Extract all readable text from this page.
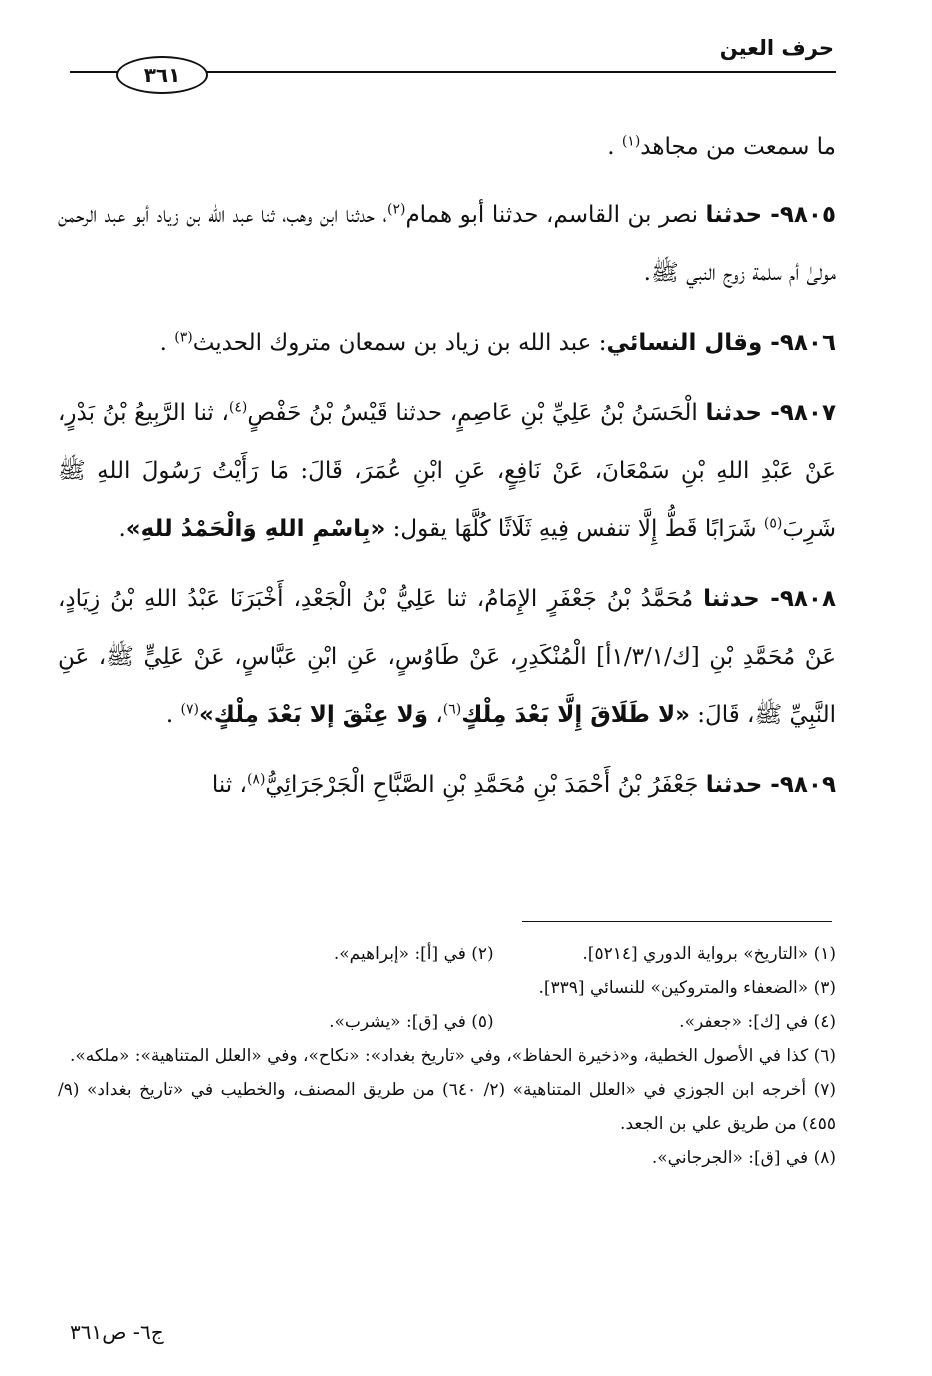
حرف العين
٣٦١

ما سمعت من مجاهد$^{(١)}$ .

٩٨٠٥- حدثنا نصر بن القاسم، حدثنا أبو همام$^{(٢)}$، حدثنا ابن وهب، ثنا عبد الله بن زياد أبو عبد الرحمن مولىٰ أم سلمة زوج النبي ﷺ.

٩٨٠٦- وقال النسائي: عبد الله بن زياد بن سمعان متروك الحديث$^{(٣)}$ .

٩٨٠٧- حدثنا الْحَسَنُ بْنُ عَلِيِّ بْنِ عَاصِمٍ، حدثنا قَيْسُ بْنُ حَفْصٍ$^{(٤)}$، ثنا الرَّبِيعُ بْنُ بَدْرٍ، عَنْ عَبْدِ اللهِ بْنِ سَمْعَانَ، عَنْ نَافِعٍ، عَنِ ابْنِ عُمَرَ، قَالَ: مَا رَأَيْتُ رَسُولَ اللهِ ﷺ شَرِبَ$^{(٥)}$ شَرَابًا قَطُّ إِلَّا تنفس فِيهِ ثَلَاثًا كُلَّهَا يقول: «بِاسْمِ اللهِ وَالْحَمْدُ للهِ».

٩٨٠٨- حدثنا مُحَمَّدُ بْنُ جَعْفَرٍ الإِمَامُ، ثنا عَلِيُّ بْنُ الْجَعْدِ، أَخْبَرَنَا عَبْدُ اللهِ بْنُ زِيَادٍ، عَنْ مُحَمَّدِ بْنِ [ك/١/٣/١أ] الْمُنْكَدِرِ، عَنْ طَاوُسٍ، عَنِ ابْنِ عَبَّاسٍ، عَنْ عَلِيٍّ ﷺ، عَنِ النَّبِيِّ ﷺ، قَالَ: «لا طَلَاقَ إِلَّا بَعْدَ مِلْكٍ$^{(٦)}$، وَلا عِتْقَ إلا بَعْدَ مِلْكٍ»$^{(٧)}$ .

٩٨٠٩- حدثنا جَعْفَرُ بْنُ أَحْمَدَ بْنِ مُحَمَّدِ بْنِ الصَّبَّاحِ الْجَرْجَرَائِيُّ$^{(٨)}$، ثنا

(١) «التاريخ» برواية الدوري [٥٢١٤].
(٢) في [أ]: «إبراهيم».

(٣) «الضعفاء والمتروكين» للنسائي [٣٣٩].

(٤) في [ك]: «جعفر».
(٥) في [ق]: «يشرب».

(٦) كذا في الأصول الخطية، و«ذخيرة الحفاظ»، وفي «تاريخ بغداد»: «نكاح»، وفي «العلل المتناهية»: «ملكه».

(٧) أخرجه ابن الجوزي في «العلل المتناهية» (٢/ ٦٤٠) من طريق المصنف، والخطيب في «تاريخ بغداد» (٩/ ٤٥٥) من طريق علي بن الجعد.

(٨) في [ق]: «الجرجاني».

ج٦- ص٣٦١
